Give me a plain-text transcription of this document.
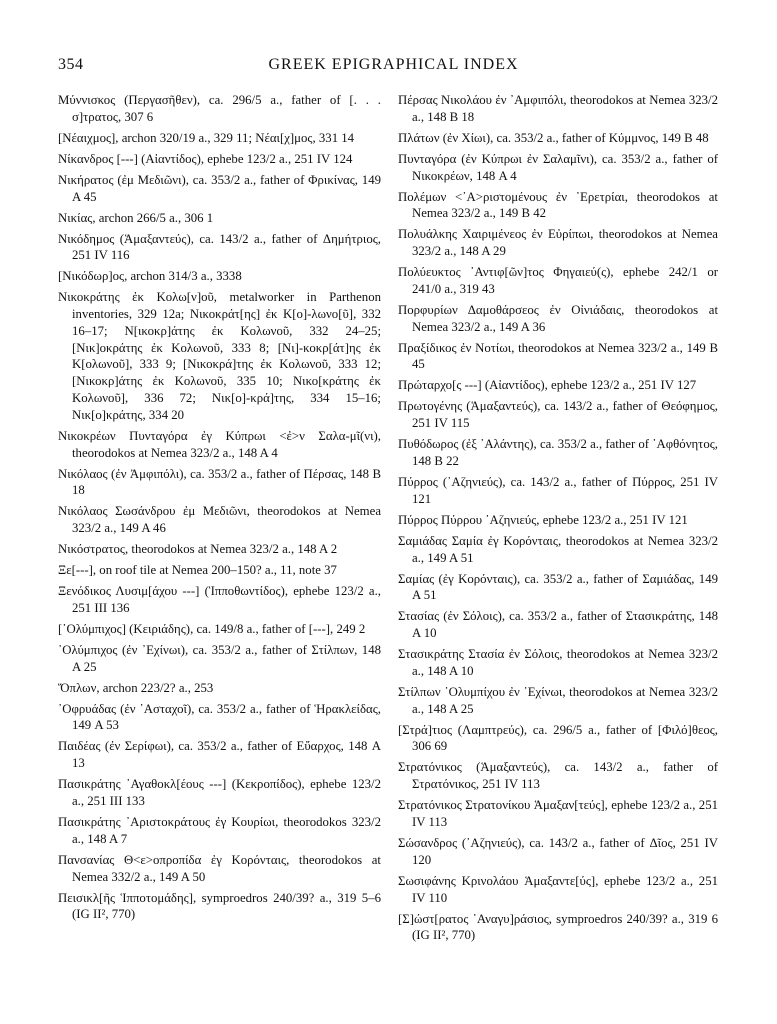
354	GREEK EPIGRAPHICAL INDEX

Μύννισκος (Περγασῆθεν), ca. 296/5 a., father of [. . . σ]τρατος, 307 6

[Νέαιχμος], archon 320/19 a., 329 11; Νέαι[χ]μος, 331 14

Νίκανδρος [---] (Αἰαντίδος), ephebe 123/2 a., 251 IV 124

Νικήρατος (ἐμ Μεδιῶνι), ca. 353/2 a., father of Φρικίνας, 149 A 45

Νικίας, archon 266/5 a., 306 1

Νικόδημος (Ἁμαξαντεύς), ca. 143/2 a., father of Δημήτριος, 251 IV 116

[Νικόδωρ]ος, archon 314/3 a., 3338

Νικοκράτης ἐκ Κολω[ν]οῦ, metalworker in Parthenon inventories, 329 12a; Νικοκράτ[ης] ἐκ Κ[ο]-λωνο[ῦ], 332 16–17; Ν[ικοκρ]άτης ἐκ Κολωνοῦ, 332 24–25; [Νικ]οκράτης ἐκ Κολωνοῦ, 333 8; [Νι]-κοκρ[άτ]ης ἐκ Κ[ολωνοῦ], 333 9; [Νικοκρά]της ἐκ Κολωνοῦ, 333 12; [Νικοκρ]άτης ἐκ Κολωνοῦ, 335 10; Νικο[κράτης ἐκ Κολωνοῦ], 336 72; Νικ[ο]-κρά]της, 334 15–16; Νικ[ο]κράτης, 334 20

Νικοκρέων Πυνταγόρα ἐγ Κύπρωι <ἐ>ν Σαλα-μῖ(νι), theorodokos at Nemea 323/2 a., 148 A 4

Νικόλαος (ἐν Ἀμφιπόλι), ca. 353/2 a., father of Πέρσας, 148 B 18

Νικόλαος Σωσάνδρου ἐμ Μεδιῶνι, theorodokos at Nemea 323/2 a., 149 A 46

Νικόστρατος, theorodokos at Nemea 323/2 a., 148 A 2

Ξε[---], on roof tile at Nemea 200–150? a., 11, note 37

Ξενόδικος Λυσιμ[άχου ---] (Ἱπποθωντίδος), ephebe 123/2 a., 251 III 136

[᾽Ολύμπιχος] (Κειριάδης), ca. 149/8 a., father of [---], 249 2

᾽Ολύμπιχος (ἐν ᾽Εχίνωι), ca. 353/2 a., father of Στίλπων, 148 A 25

Ὅπλων, archon 223/2? a., 253

᾽Οφρυάδας (ἐν ᾽Ασταχοῖ), ca. 353/2 a., father of Ἡρακλείδας, 149 A 53

Παιδέας (ἐν Σερίφωι), ca. 353/2 a., father of Εὔαρχος, 148 A 13

Πασικράτης ᾽Αγαθοκλ[έους ---] (Κεκροπίδος), ephebe 123/2 a., 251 III 133

Πασικράτης ᾽Αριστοκράτους ἐγ Κουρίωι, theorodokos 323/2 a., 148 A 7

Πανσανίας Θ<ε>οπροπίδα ἐγ Κορόνταις, theorodokos at Nemea 332/2 a., 149 A 50

Πεισικλ[ῆς Ἱπποτομάδης], symproedros 240/39? a., 319 5–6 (IG II², 770)

Πέρσας Νικολάου ἐν ᾽Αμφιπόλι, theorodokos at Nemea 323/2 a., 148 B 18

Πλάτων (ἐν Χίωι), ca. 353/2 a., father of Κύμμνος, 149 B 48

Πυνταγόρα (ἐν Κύπρωι ἐν Σαλαμῖνι), ca. 353/2 a., father of Νικοκρέων, 148 A 4

Πολέμων <᾽Α>ριστομένους ἐν ᾽Ερετρίαι, theorodokos at Nemea 323/2 a., 149 B 42

Πολυάλκης Χαιριμένεος ἐν Εὐρίπωι, theorodokos at Nemea 323/2 a., 148 A 29

Πολύευκτος ᾽Αντιφ[ῶν]τος Φηγαιεύ(ς), ephebe 242/1 or 241/0 a., 319 43

Πορφυρίων Δαμοθάρσεος ἐν Οἰνιάδαις, theorodokos at Nemea 323/2 a., 149 A 36

Πραξίδικος ἐν Νοτίωι, theorodokos at Nemea 323/2 a., 149 B 45

Πρώταρχο[ς ---] (Αἰαντίδος), ephebe 123/2 a., 251 IV 127

Πρωτογένης (Ἁμαξαντεύς), ca. 143/2 a., father of Θεόφημος, 251 IV 115

Πυθόδωρος (ἐξ ᾽Αλάντης), ca. 353/2 a., father of ᾽Αφθόνητος, 148 B 22

Πύρρος (᾽Αζηνιεύς), ca. 143/2 a., father of Πύρρος, 251 IV 121

Πύρρος Πύρρου ᾽Αζηνιεύς, ephebe 123/2 a., 251 IV 121

Σαμιάδας Σαμία ἐγ Κορόνταις, theorodokos at Nemea 323/2 a., 149 A 51

Σαμίας (ἐγ Κορόνταις), ca. 353/2 a., father of Σαμιάδας, 149 A 51

Στασίας (ἐν Σόλοις), ca. 353/2 a., father of Στασικράτης, 148 A 10

Στασικράτης Στασία ἐν Σόλοις, theorodokos at Nemea 323/2 a., 148 A 10

Στίλπων ᾽Ολυμπίχου ἐν ᾽Εχίνωι, theorodokos at Nemea 323/2 a., 148 A 25

[Στρά]τιος (Λαμπτρεύς), ca. 296/5 a., father of [Φιλό]θεος, 306 69

Στρατόνικος (Ἁμαξαντεύς), ca. 143/2 a., father of Στρατόνικος, 251 IV 113

Στρατόνικος Στρατονίκου Ἁμαξαν[τεύς], ephebe 123/2 a., 251 IV 113

Σώσανδρος (᾽Αζηνιεύς), ca. 143/2 a., father of Δῖος, 251 IV 120

Σωσιφάνης Κρινολάου Ἁμαξαντε[ύς], ephebe 123/2 a., 251 IV 110

[Σ]ώστ[ρατος ᾽Αναγυ]ράσιος, symproedros 240/39? a., 319 6 (IG II², 770)
